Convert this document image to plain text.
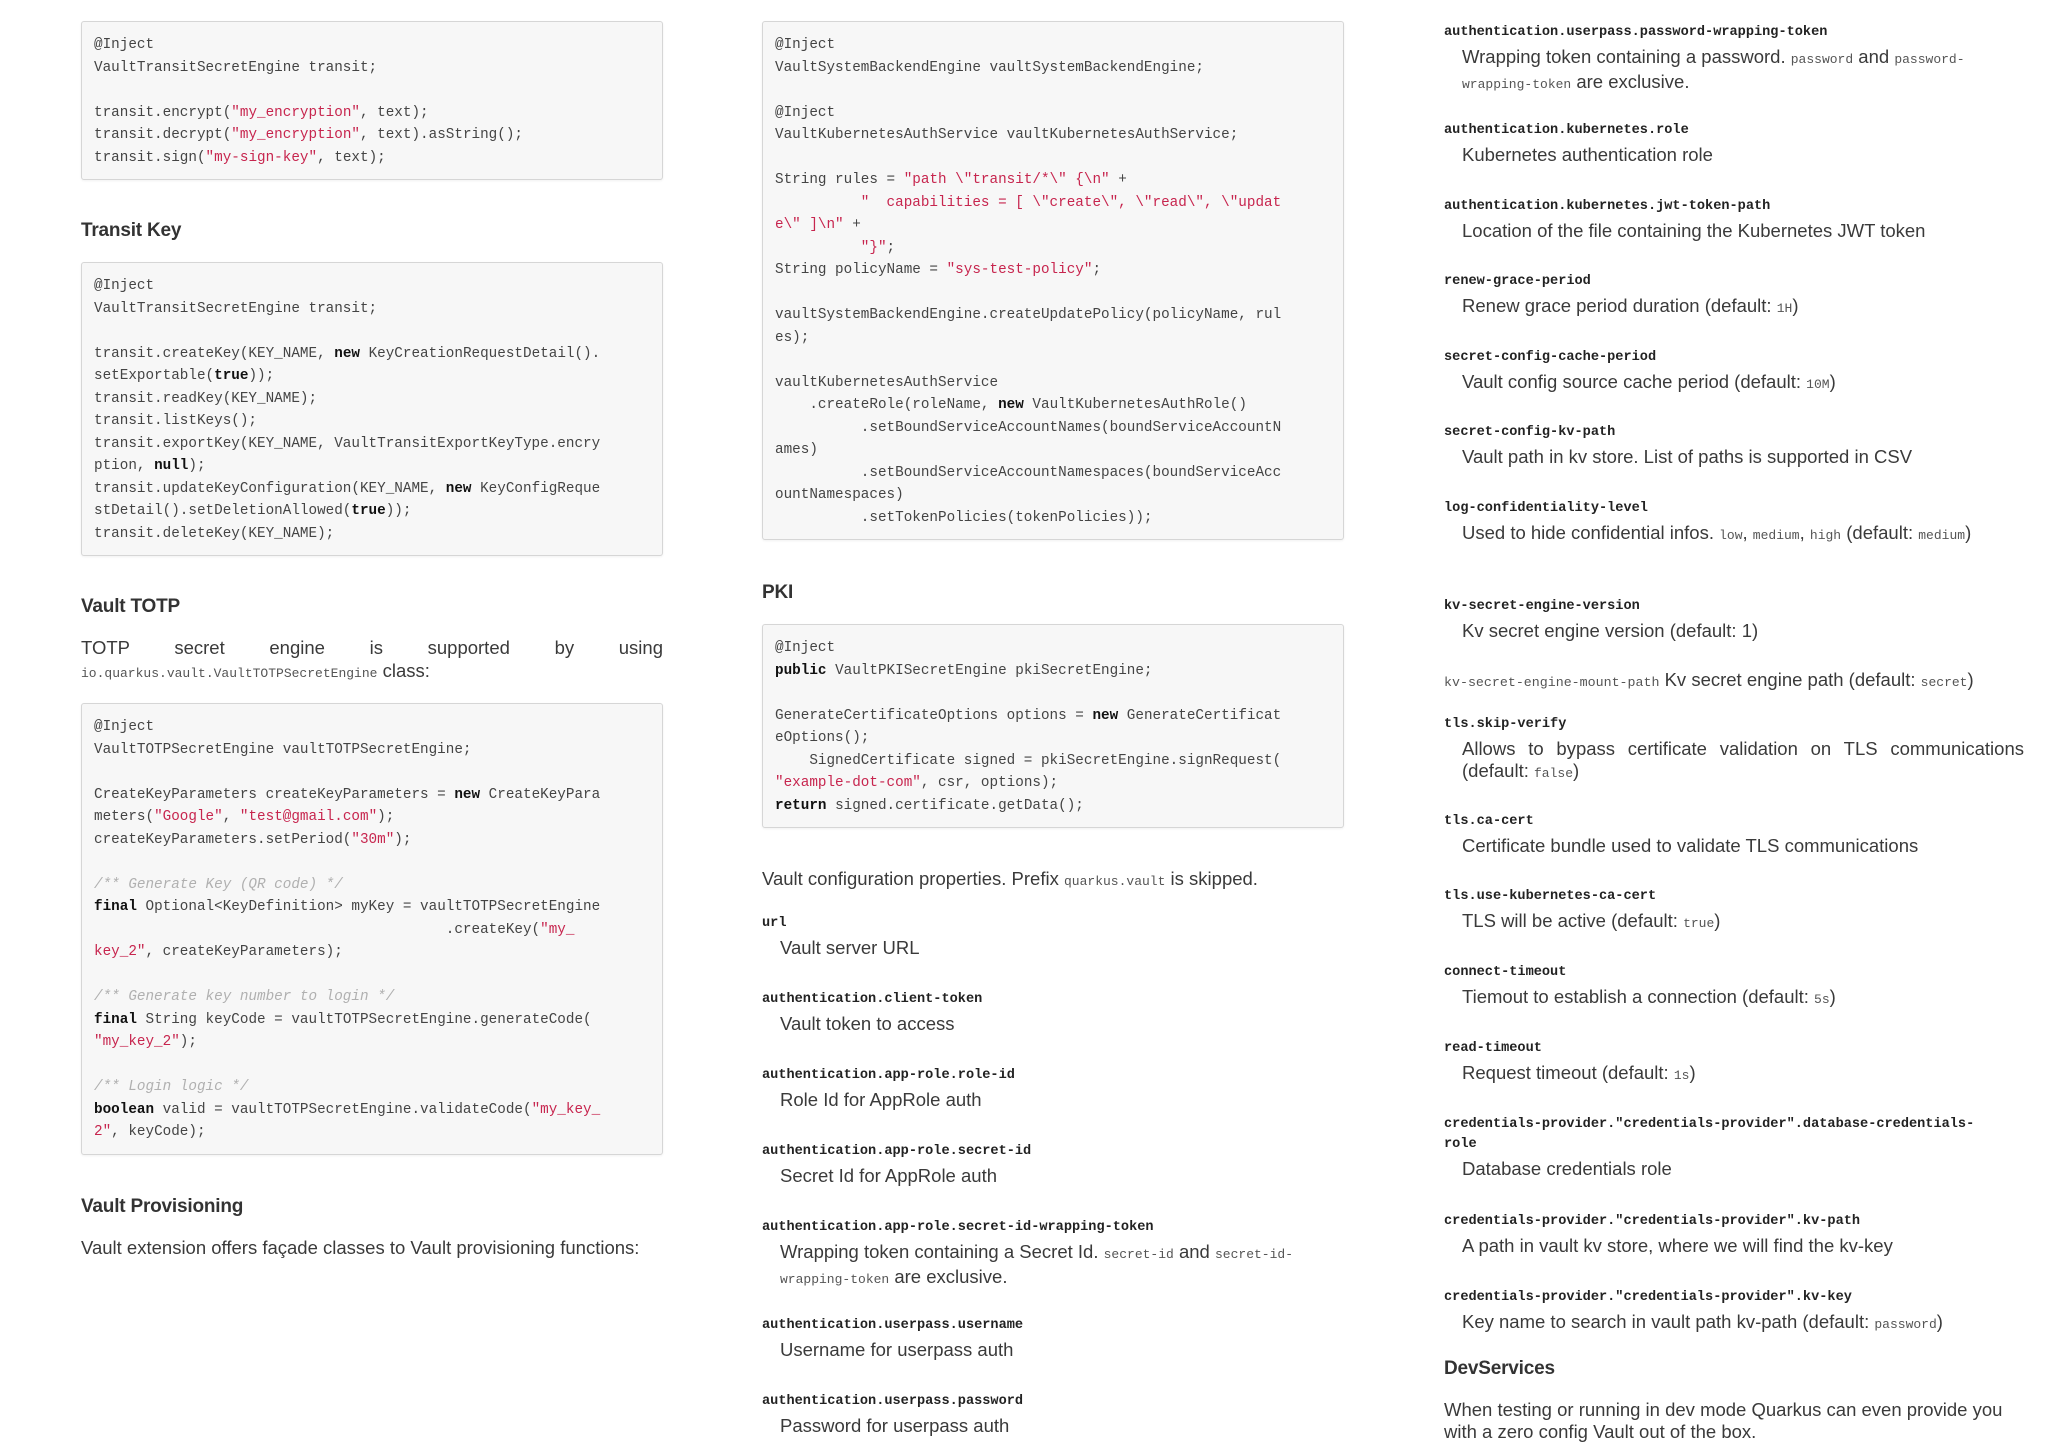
@Inject
VaultTransitSecretEngine transit;

transit.encrypt("my_encryption", text);
transit.decrypt("my_encryption", text).asString();
transit.sign("my-sign-key", text);
Transit Key
@Inject
VaultTransitSecretEngine transit;

transit.createKey(KEY_NAME, new KeyCreationRequestDetail().
setExportable(true));
transit.readKey(KEY_NAME);
transit.listKeys();
transit.exportKey(KEY_NAME, VaultTransitExportKeyType.encry
ption, null);
transit.updateKeyConfiguration(KEY_NAME, new KeyConfigReque
stDetail().setDeletionAllowed(true));
transit.deleteKey(KEY_NAME);
Vault TOTP

TOTP secret engine is supported by using

io.quarkus.vault.VaultTOTPSecretEngine class:

@Inject
VaultTOTPSecretEngine vaultTOTPSecretEngine;

CreateKeyParameters createKeyParameters = new CreateKeyPara
meters("Google", "test@gmail.com");
createKeyParameters.setPeriod("30m");

/** Generate Key (QR code) */
final Optional<KeyDefinition> myKey = vaultTOTPSecretEngine
.createKey("my_
key_2", createKeyParameters);

/** Generate key number to login */
final String keyCode = vaultTOTPSecretEngine.generateCode(
"my_key_2");

/** Login logic */
boolean valid = vaultTOTPSecretEngine.validateCode("my_key_
2", keyCode);
Vault Provisioning

Vault extension offers façade classes to Vault provisioning functions:

@Inject
VaultSystemBackendEngine vaultSystemBackendEngine;

@Inject
VaultKubernetesAuthService vaultKubernetesAuthService;

String rules = "path \"transit/*\" {\n" +
"  capabilities = [ \"create\", \"read\", \"updat
e\" ]\n" +
"}";
String policyName = "sys-test-policy";

vaultSystemBackendEngine.createUpdatePolicy(policyName, rul
es);

vaultKubernetesAuthService
.createRole(roleName, new VaultKubernetesAuthRole()
.setBoundServiceAccountNames(boundServiceAccountN
ames)
.setBoundServiceAccountNamespaces(boundServiceAcc
ountNamespaces)
.setTokenPolicies(tokenPolicies));
PKI
@Inject
public VaultPKISecretEngine pkiSecretEngine;

GenerateCertificateOptions options = new GenerateCertificat
eOptions();
SignedCertificate signed = pkiSecretEngine.signRequest(
"example-dot-com", csr, options);
return signed.certificate.getData();

Vault configuration properties. Prefix quarkus.vault is skipped.

url
Vault server URL
authentication.client-token
Vault token to access
authentication.app-role.role-id
Role Id for AppRole auth
authentication.app-role.secret-id
Secret Id for AppRole auth
authentication.app-role.secret-id-wrapping-token
Wrapping token containing a Secret Id. secret-id and secret-id-
wrapping-token are exclusive.
authentication.userpass.username
Username for userpass auth
authentication.userpass.password
Password for userpass auth
authentication.userpass.password-wrapping-token
Wrapping token containing a password. password and password-
wrapping-token are exclusive.
authentication.kubernetes.role
Kubernetes authentication role
authentication.kubernetes.jwt-token-path
Location of the file containing the Kubernetes JWT token
renew-grace-period
Renew grace period duration (default: 1H)
secret-config-cache-period
Vault config source cache period (default: 10M)
secret-config-kv-path
Vault path in kv store. List of paths is supported in CSV
log-confidentiality-level
Used to hide confidential infos. low, medium, high (default: medium)
kv-secret-engine-version
Kv secret engine version (default: 1)
kv-secret-engine-mount-path Kv secret engine path (default: secret)
tls.skip-verify
Allows to bypass certificate validation on TLS communications (default: false)
tls.ca-cert
Certificate bundle used to validate TLS communications
tls.use-kubernetes-ca-cert
TLS will be active (default: true)
connect-timeout
Tiemout to establish a connection (default: 5s)
read-timeout
Request timeout (default: 1s)
credentials-provider."credentials-provider".database-credentials-
role
Database credentials role
credentials-provider."credentials-provider".kv-path
A path in vault kv store, where we will find the kv-key
credentials-provider."credentials-provider".kv-key
Key name to search in vault path kv-path (default: password)
DevServices

When testing or running in dev mode Quarkus can even provide you with a zero config Vault out of the box.
